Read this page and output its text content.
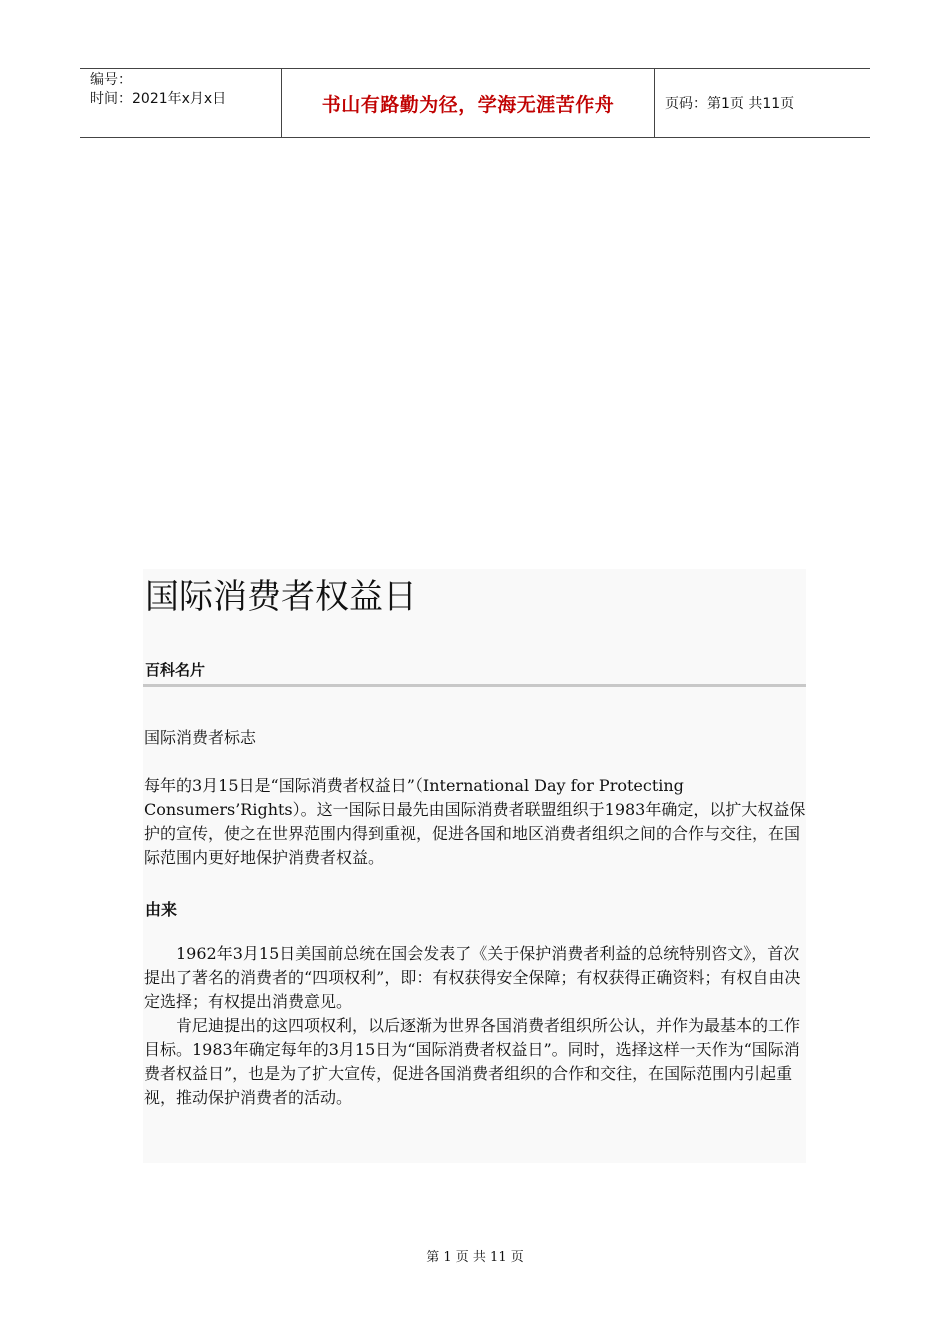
编号：
时间：2021年x月x日	书山有路勤为径，学海无涯苦作舟	页码：第1页 共11页
国际消费者权益日
百科名片

国际消费者标志

每年的3月15日是“国际消费者权益日”（International Day for Protecting Consumers’Rights）。这一国际日最先由国际消费者联盟组织于1983年确定，以扩大权益保护的宣传，使之在世界范围内得到重视，促进各国和地区消费者组织之间的合作与交往，在国际范围内更好地保护消费者权益。

由来

1962年3月15日美国前总统在国会发表了《关于保护消费者利益的总统特别咨文》，首次提出了著名的消费者的“四项权利”，即：有权获得安全保障；有权获得正确资料；有权自由决定选择；有权提出消费意见。

肯尼迪提出的这四项权利，以后逐渐为世界各国消费者组织所公认，并作为最基本的工作目标。1983年确定每年的3月15日为“国际消费者权益日”。同时，选择这样一天作为“国际消费者权益日”，也是为了扩大宣传，促进各国消费者组织的合作和交往，在国际范围内引起重视，推动保护消费者的活动。

第 1 页 共 11 页
